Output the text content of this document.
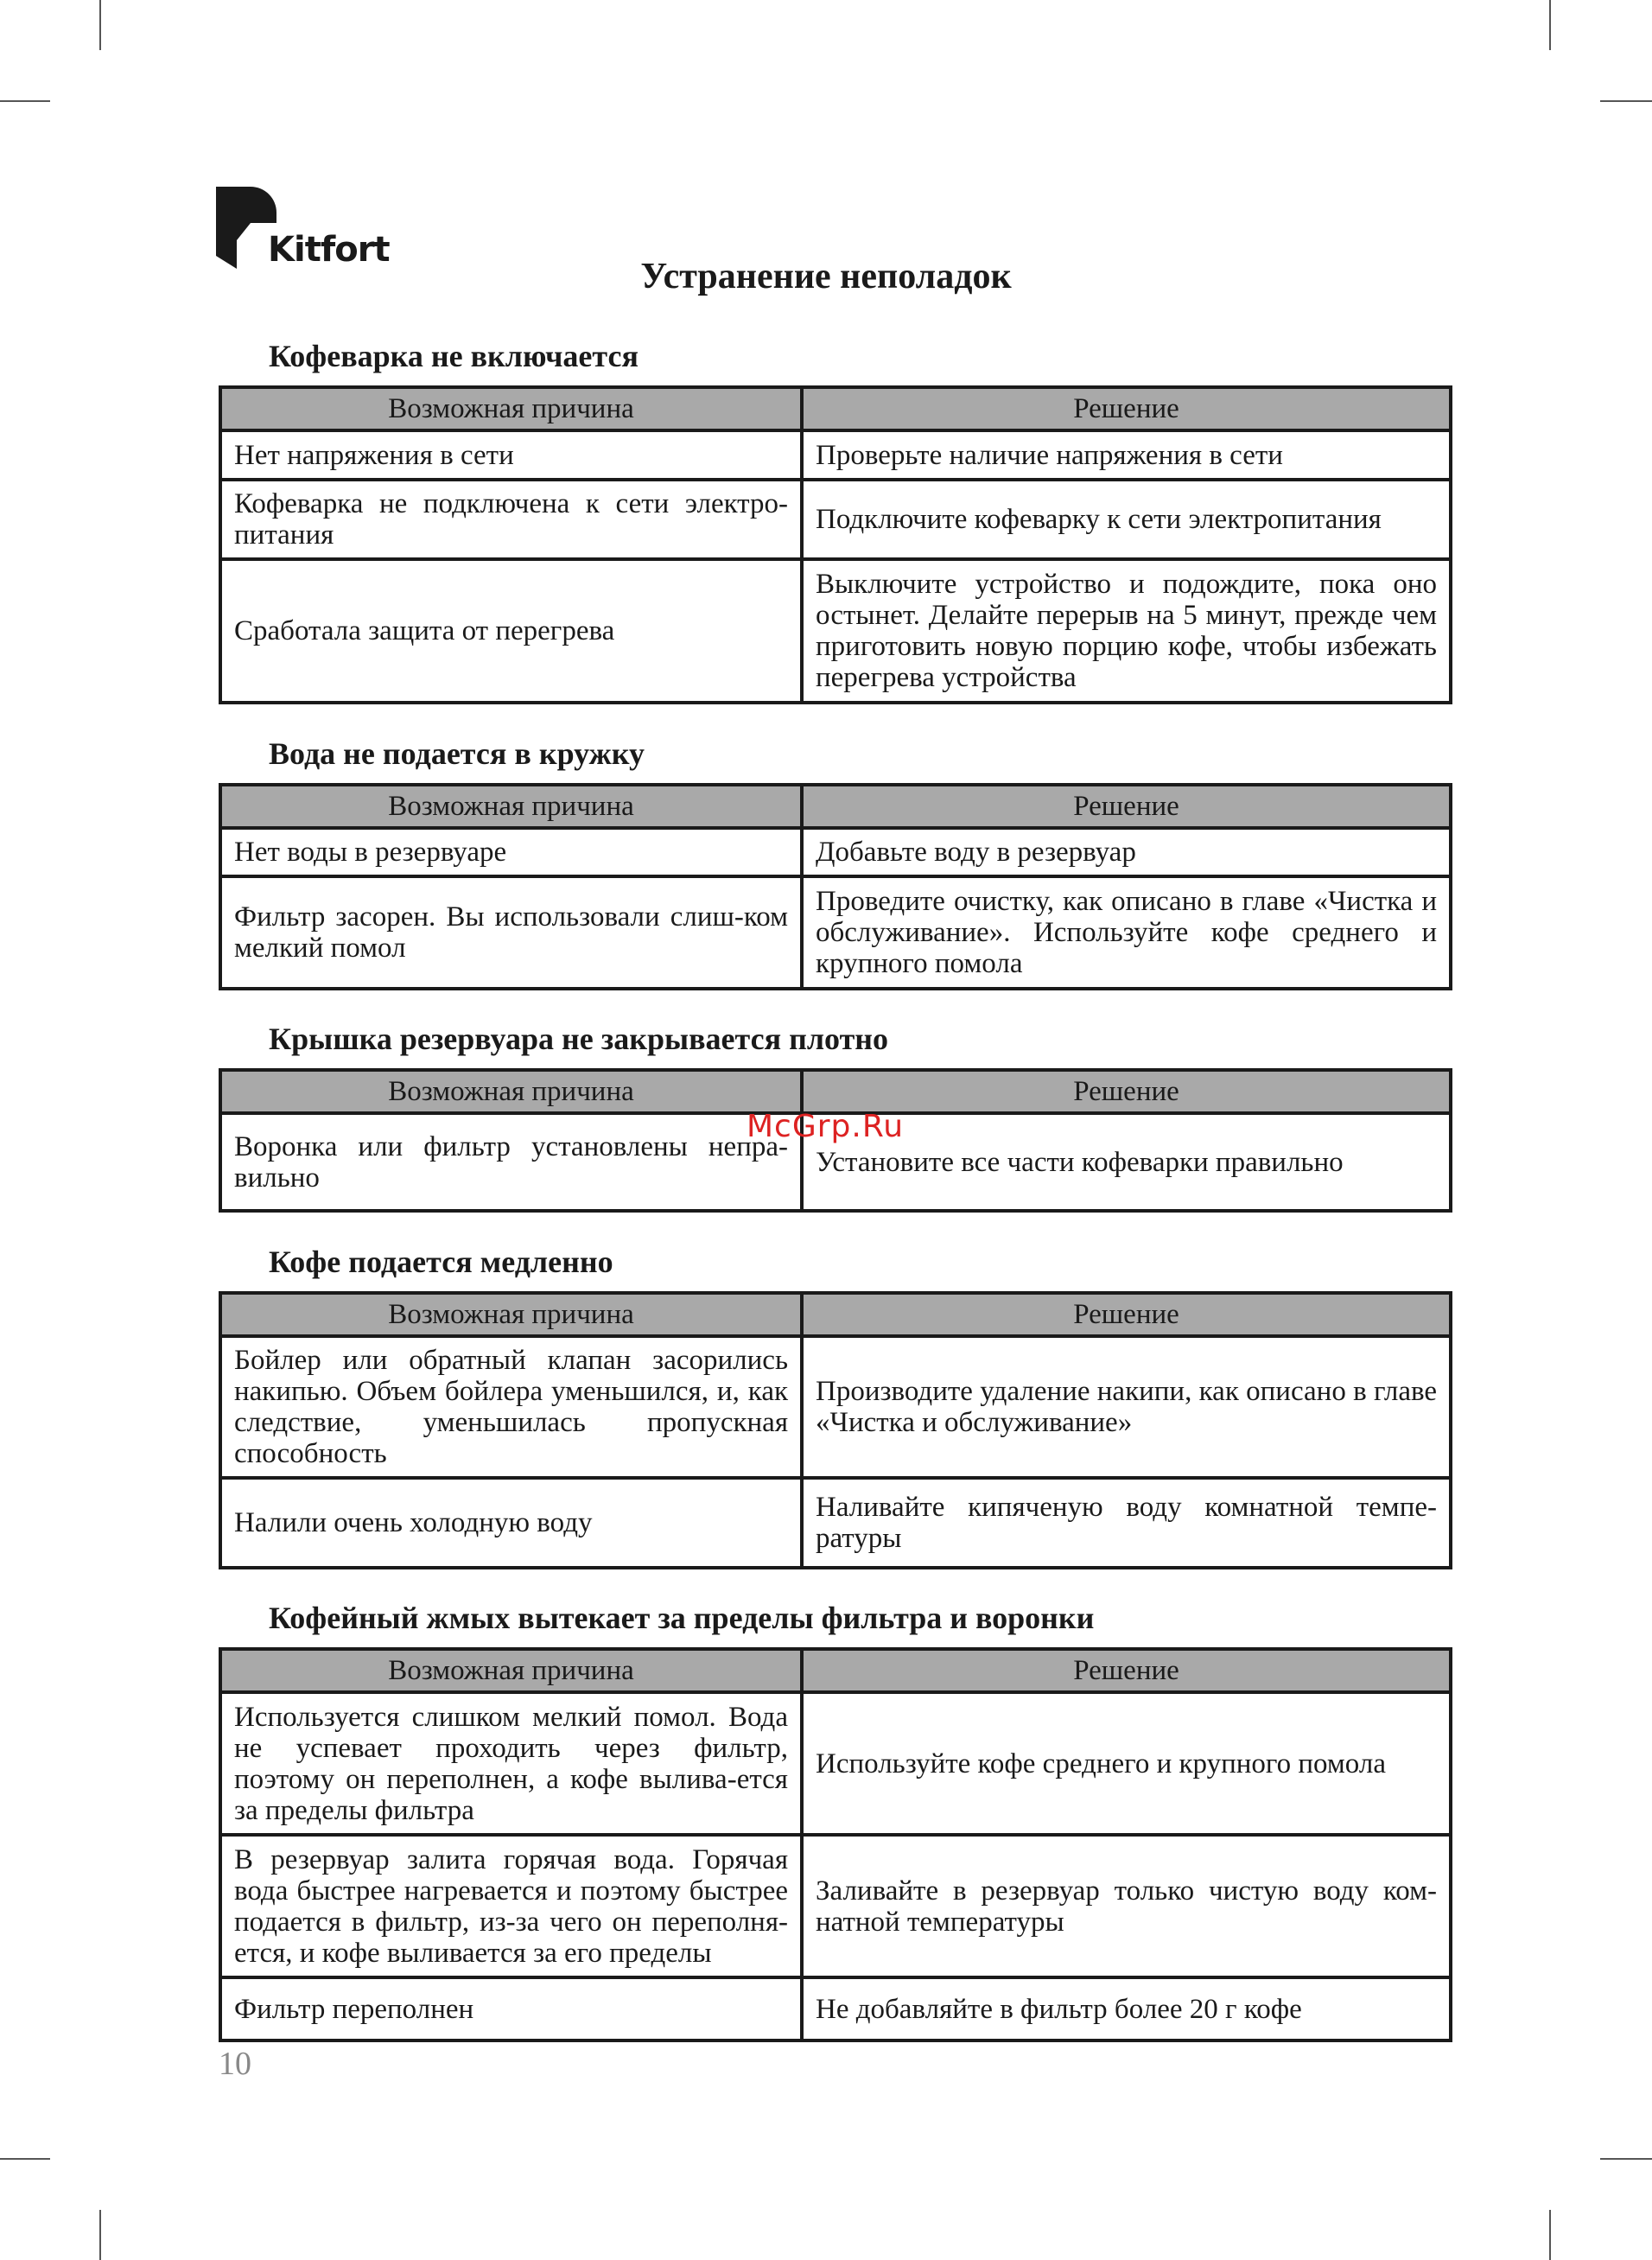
Kitfort
Устранение неполадок
Кофеварка не включается
Возможная причина	Решение
Нет напряжения в сети	Проверьте наличие напряжения в сети
Кофеварка не подключена к сети электро-питания	Подключите кофеварку к сети электропитания
Сработала защита от перегрева	Выключите устройство и подождите, пока оно остынет. Делайте перерыв на 5 минут, прежде чем приготовить новую порцию кофе, чтобы избежать перегрева устройства
Вода не подается в кружку
Возможная причина	Решение
Нет воды в резервуаре	Добавьте воду в резервуар
Фильтр засорен. Вы использовали слиш-ком мелкий помол	Проведите очистку, как описано в главе «Чистка и обслуживание». Используйте кофе среднего и крупного помола
Крышка резервуара не закрывается плотно
Возможная причина	Решение
Воронка или фильтр установлены непра-вильно	Установите все части кофеварки правильно
Кофе подается медленно
Возможная причина	Решение
Бойлер или обратный клапан засорились накипью. Объем бойлера уменьшился, и, как следствие, уменьшилась пропускная способность	Производите удаление накипи, как описано в главе «Чистка и обслуживание»
Налили очень холодную воду	Наливайте кипяченую воду комнатной темпе-ратуры
Кофейный жмых вытекает за пределы фильтра и воронки
Возможная причина	Решение
Используется слишком мелкий помол. Вода не успевает проходить через фильтр, поэтому он переполнен, а кофе вылива-ется за пределы фильтра	Используйте кофе среднего и крупного помола
В резервуар залита горячая вода. Горячая вода быстрее нагревается и поэтому быстрее подается в фильтр, из-за чего он переполня-ется, и кофе выливается за его пределы	Заливайте в резервуар только чистую воду ком-натной температуры
Фильтр переполнен	Не добавляйте в фильтр более 20 г кофе
McGrp.Ru
10
